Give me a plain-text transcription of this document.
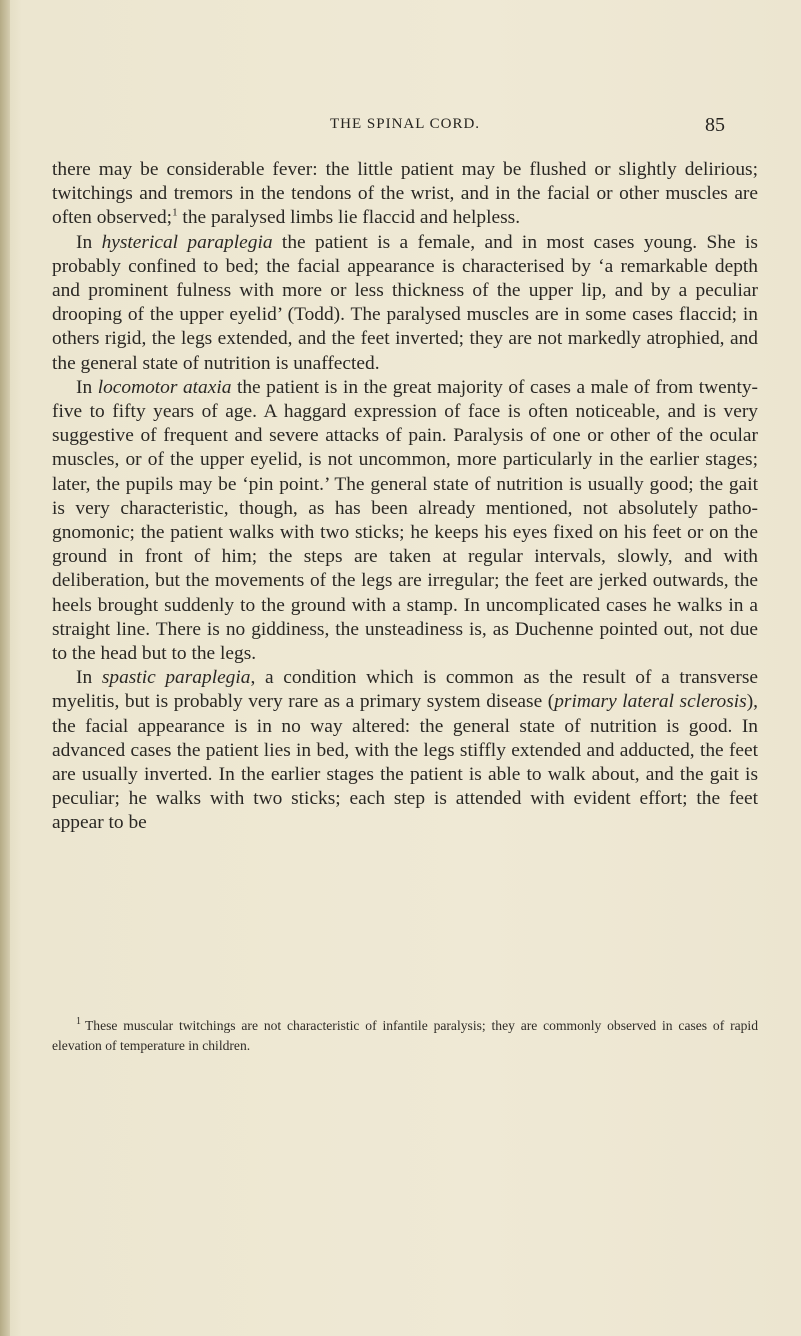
THE SPINAL CORD.	85

there may be considerable fever: the little patient may be flushed or slightly delirious; twitchings and tremors in the tendons of the wrist, and in the facial or other muscles are often observed;$^1$ the paralysed limbs lie flaccid and helpless.

In hysterical paraplegia the patient is a female, and in most cases young. She is probably confined to bed; the facial appearance is characterised by ‘a remarkable depth and prominent fulness with more or less thickness of the upper lip, and by a peculiar drooping of the upper eyelid’ (Todd). The paralysed muscles are in some cases flaccid; in others rigid, the legs extended, and the feet inverted; they are not markedly atrophied, and the general state of nutrition is unaffected.

In locomotor ataxia the patient is in the great majority of cases a male of from twenty-five to fifty years of age. A haggard expression of face is often noticeable, and is very suggestive of frequent and severe attacks of pain. Paralysis of one or other of the ocular muscles, or of the upper eyelid, is not uncommon, more particularly in the earlier stages; later, the pupils may be ‘pin point.’ The general state of nutrition is usually good; the gait is very characteristic, though, as has been already mentioned, not absolutely patho-gnomonic; the patient walks with two sticks; he keeps his eyes fixed on his feet or on the ground in front of him; the steps are taken at regular intervals, slowly, and with deliberation, but the movements of the legs are irregular; the feet are jerked outwards, the heels brought suddenly to the ground with a stamp. In uncomplicated cases he walks in a straight line. There is no giddiness, the unsteadiness is, as Duchenne pointed out, not due to the head but to the legs.

In spastic paraplegia, a condition which is common as the result of a transverse myelitis, but is probably very rare as a primary system disease (primary lateral sclerosis), the facial appearance is in no way altered: the general state of nutrition is good. In advanced cases the patient lies in bed, with the legs stiffly extended and adducted, the feet are usually inverted. In the earlier stages the patient is able to walk about, and the gait is peculiar; he walks with two sticks; each step is attended with evident effort; the feet appear to be

$^1$ These muscular twitchings are not characteristic of infantile paralysis; they are commonly observed in cases of rapid elevation of temperature in children.
